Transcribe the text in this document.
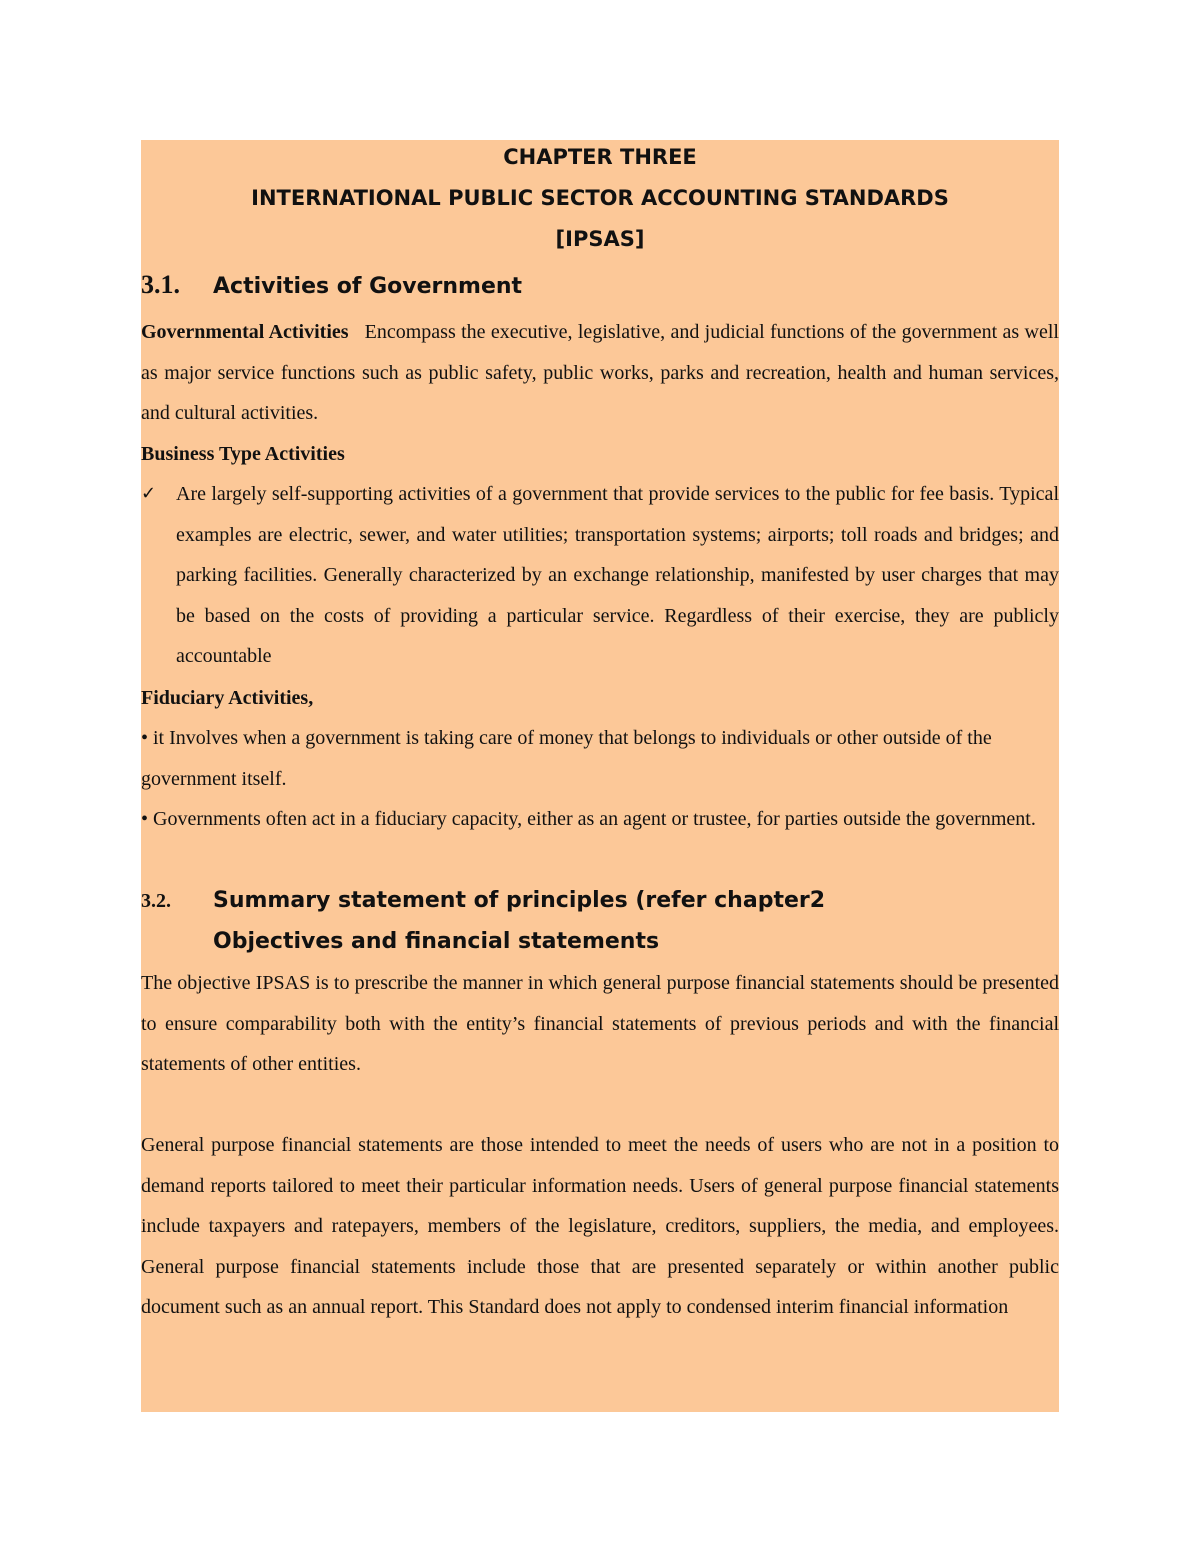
CHAPTER THREE
INTERNATIONAL PUBLIC SECTOR ACCOUNTING STANDARDS
[IPSAS]
3.1. Activities of Government

Governmental Activities Encompass the executive, legislative, and judicial functions of the government as well as major service functions such as public safety, public works, parks and recreation, health and human services, and cultural activities.

Business Type Activities

✓ Are largely self-supporting activities of a government that provide services to the public for fee basis. Typical examples are electric, sewer, and water utilities; transportation systems; airports; toll roads and bridges; and parking facilities. Generally characterized by an exchange relationship, manifested by user charges that may be based on the costs of providing a particular service. Regardless of their exercise, they are publicly accountable

Fiduciary Activities,

• it Involves when a government is taking care of money that belongs to individuals or other outside of the government itself.

• Governments often act in a fiduciary capacity, either as an agent or trustee, for parties outside the government.

3.2. Summary statement of principles (refer chapter2
Objectives and financial statements

The objective IPSAS is to prescribe the manner in which general purpose financial statements should be presented to ensure comparability both with the entity’s financial statements of previous periods and with the financial statements of other entities.

General purpose financial statements are those intended to meet the needs of users who are not in a position to demand reports tailored to meet their particular information needs. Users of general purpose financial statements include taxpayers and ratepayers, members of the legislature, creditors, suppliers, the media, and employees. General purpose financial statements include those that are presented separately or within another public document such as an annual report. This Standard does not apply to condensed interim financial information
